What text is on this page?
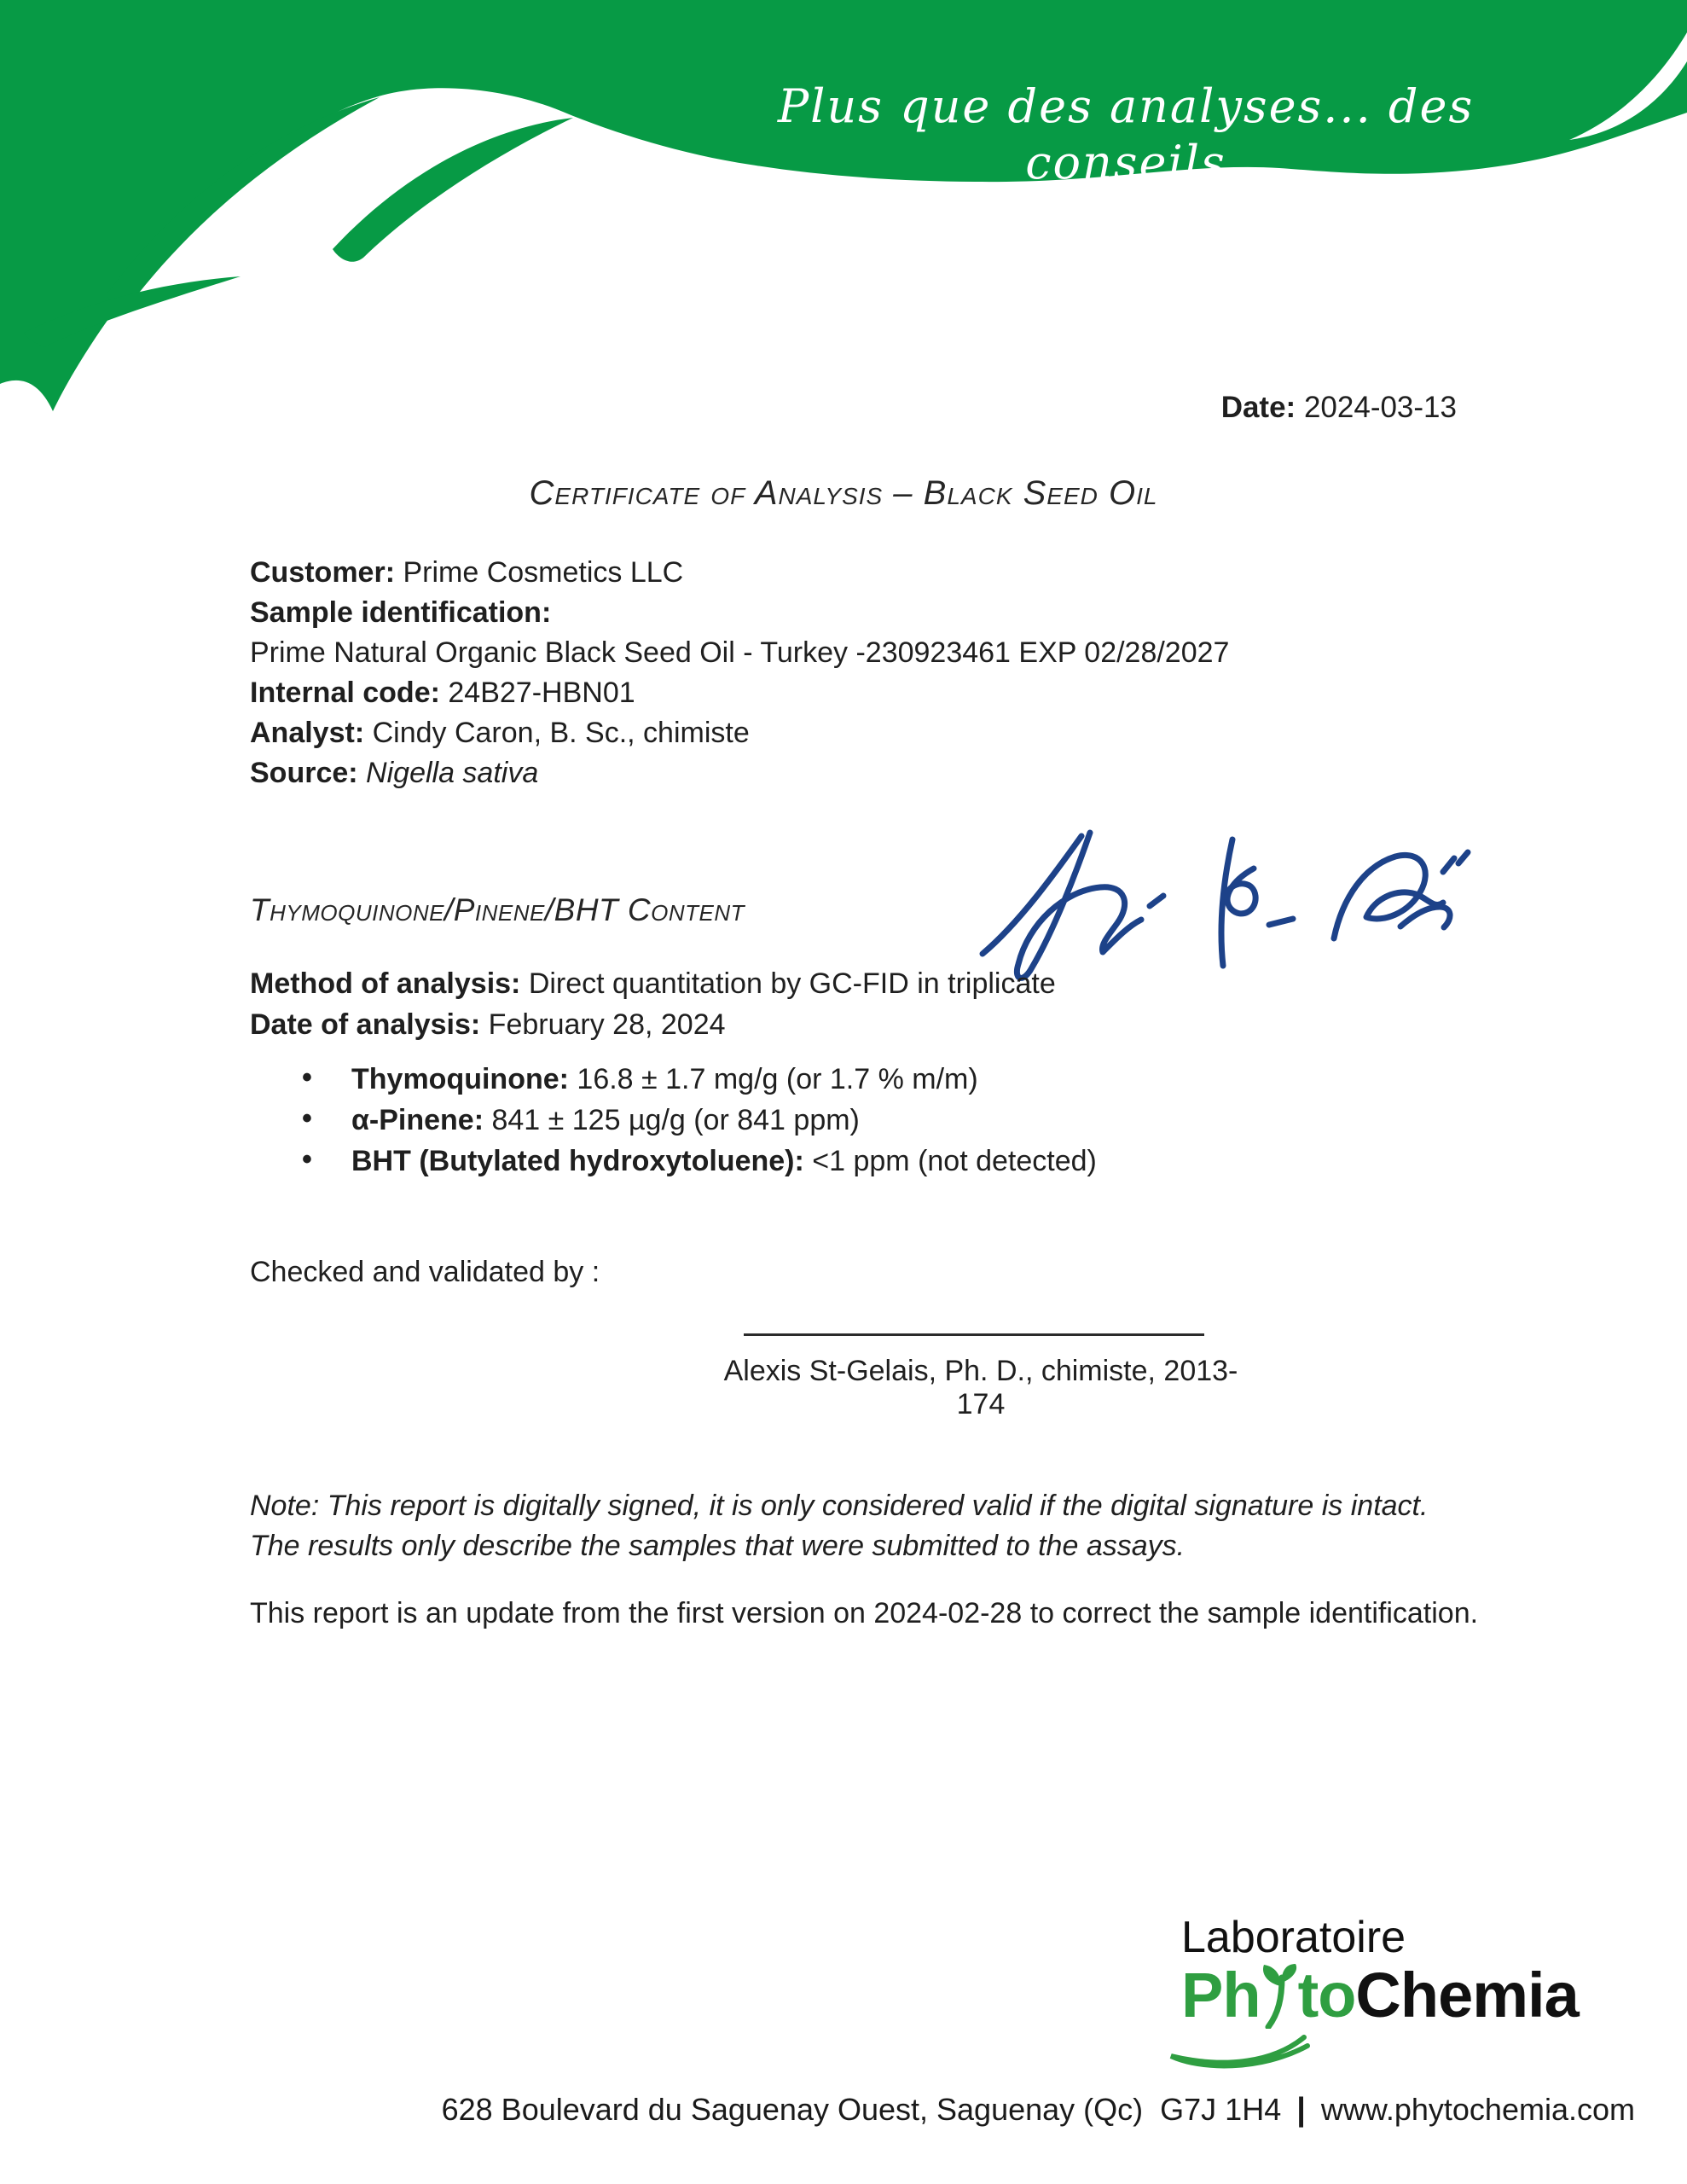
Plus que des analyses... des conseils
Date: 2024-03-13
Certificate of Analysis – Black Seed Oil
Customer: Prime Cosmetics LLC
Sample identification:
Prime Natural Organic Black Seed Oil - Turkey -230923461 EXP 02/28/2027
Internal code: 24B27-HBN01
Analyst: Cindy Caron, B. Sc., chimiste
Source: Nigella sativa
Thymoquinone/Pinene/BHT Content
Method of analysis: Direct quantitation by GC-FID in triplicate
Date of analysis: February 28, 2024
• Thymoquinone: 16.8 ± 1.7 mg/g (or 1.7 % m/m)
• α-Pinene: 841 ± 125 µg/g (or 841 ppm)
• BHT (Butylated hydroxytoluene): <1 ppm (not detected)
Checked and validated by :
Alexis St-Gelais, Ph. D., chimiste, 2013-174
Note: This report is digitally signed, it is only considered valid if the digital signature is intact. The results only describe the samples that were submitted to the assays.
This report is an update from the first version on 2024-02-28 to correct the sample identification.
Laboratoire
Ph toChemia
628 Boulevard du Saguenay Ouest, Saguenay (Qc)  G7J 1H4 | www.phytochemia.com
